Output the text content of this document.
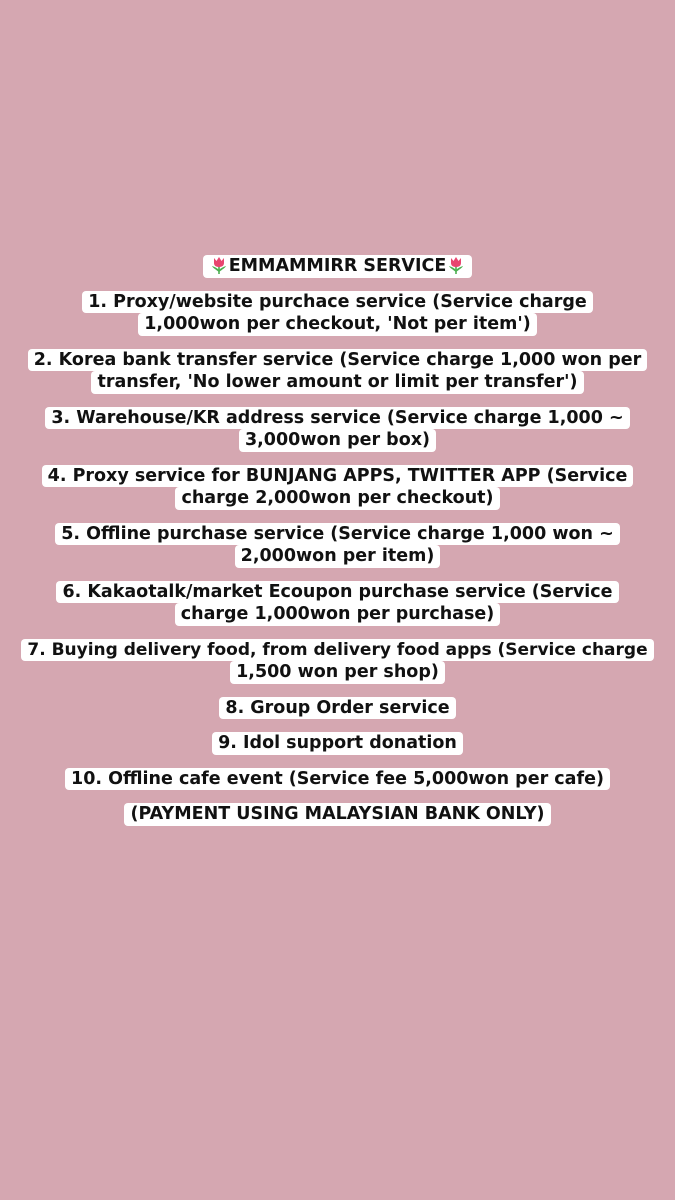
EMMAMMIRR SERVICE
1. Proxy/website purchace service (Service charge
1,000won per checkout, 'Not per item')
2. Korea bank transfer service (Service charge 1,000 won per
transfer, 'No lower amount or limit per transfer')
3. Warehouse/KR address service (Service charge 1,000 ~
3,000won per box)
4. Proxy service for BUNJANG APPS, TWITTER APP (Service
charge 2,000won per checkout)
5. Offline purchase service (Service charge 1,000 won ~
2,000won per item)
6. Kakaotalk/market Ecoupon purchase service (Service
charge 1,000won per purchase)
7. Buying delivery food, from delivery food apps (Service charge
1,500 won per shop)
8. Group Order service
9. Idol support donation
10. Offline cafe event (Service fee 5,000won per cafe)
(PAYMENT USING MALAYSIAN BANK ONLY)
